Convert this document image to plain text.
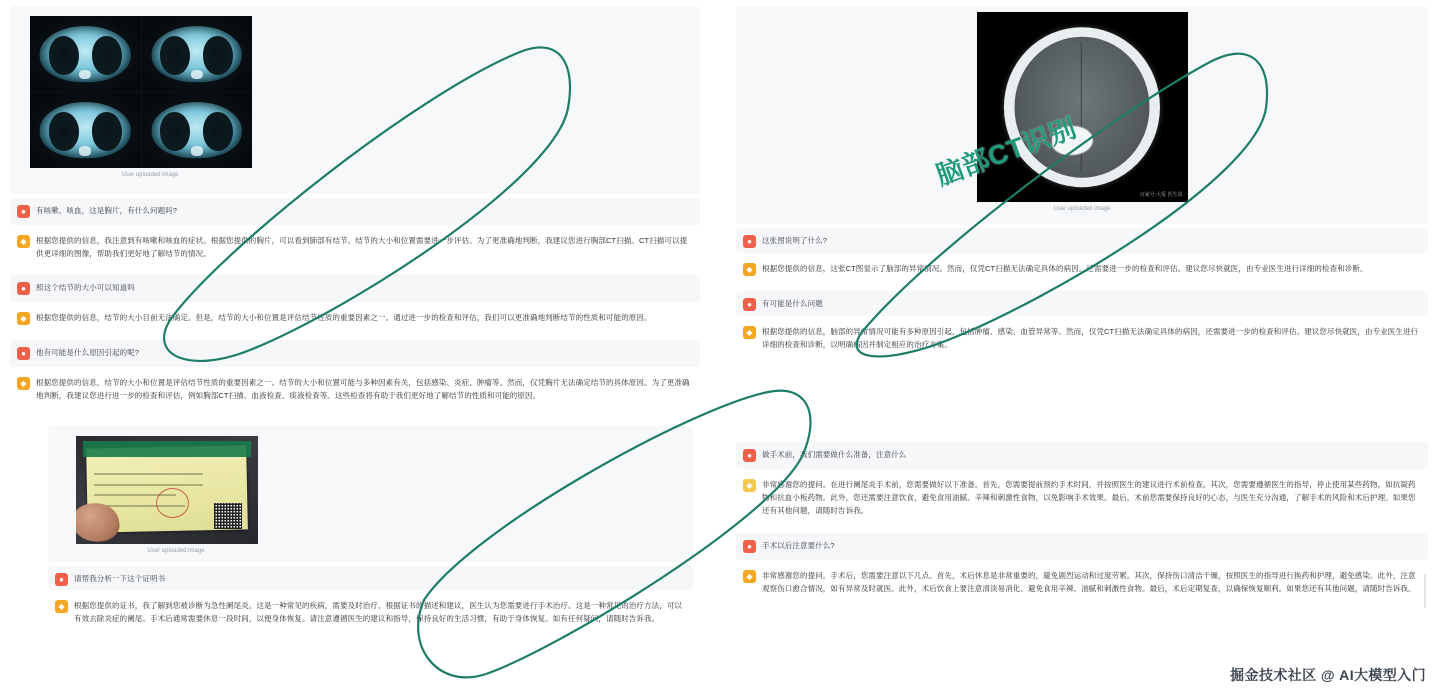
User uploaded image
●	有咳嗽、咳血，这是胸片，有什么问题吗?
◆	根据您提供的信息，我注意到有咳嗽和咳血的症状。根据您提供的胸片，可以看到肺部有结节。结节的大小和位置需要进一步评估。为了更准确地判断，我建议您进行胸部CT扫描。CT扫描可以提供更详细的图像，帮助我们更好地了解结节的情况。
●	照这个结节的大小可以知道吗
◆	根据您提供的信息，结节的大小目前无法确定。但是，结节的大小和位置是评估结节性质的重要因素之一。通过进一步的检查和评估，我们可以更准确地判断结节的性质和可能的原因。
●	他有可能是什么原因引起的呢?
◆	根据您提供的信息，结节的大小和位置是评估结节性质的重要因素之一。结节的大小和位置可能与多种因素有关，包括感染、炎症、肿瘤等。然而，仅凭胸片无法确定结节的具体原因。为了更准确地判断，我建议您进行进一步的检查和评估，例如胸部CT扫描、血液检查、痰液检查等。这些检查将有助于我们更好地了解结节的性质和可能的原因。
User uploaded image
●	请帮我分析一下这个证明书
◆	根据您提供的证书，我了解到您被诊断为急性阑尾炎。这是一种常见的疾病，需要及时治疗。根据证书的描述和建议，医生认为您需要进行手术治疗。这是一种常见的治疗方法，可以有效去除炎症的阑尾。手术后通常需要休息一段时间，以便身体恢复。请注意遵循医生的建议和指导，保持良好的生活习惯，有助于身体恢复。如有任何疑问，请随时告诉我。
百家号:大爱 医生说
User uploaded image
●	这张图说明了什么?
◆	根据您提供的信息，这张CT图显示了脑部的异常情况。然而，仅凭CT扫描无法确定具体的病因。还需要进一步的检查和评估。建议您尽快就医，由专业医生进行详细的检查和诊断。
●	有可能是什么问题
◆	根据您提供的信息，脑部的异常情况可能有多种原因引起，包括肿瘤、感染、血管异常等。然而，仅凭CT扫描无法确定具体的病因，还需要进一步的检查和评估。建议您尽快就医，由专业医生进行详细的检查和诊断，以明确病因并制定相应的治疗方案。
●	做手术前，我们需要做什么准备，注意什么
◆	非常感谢您的提问。在进行阑尾炎手术前，您需要做好以下准备。首先，您需要提前预约手术时间，并按照医生的建议进行术前检查。其次，您需要遵循医生的指导，停止使用某些药物，如抗凝药物和抗血小板药物。此外，您还需要注意饮食，避免食用油腻、辛辣和刺激性食物，以免影响手术效果。最后，术前您需要保持良好的心态，与医生充分沟通，了解手术的风险和术后护理。如果您还有其他问题，请随时告诉我。
●	手术以后注意要什么?
◆	非常感谢您的提问。手术后，您需要注意以下几点。首先，术后休息是非常重要的，避免剧烈运动和过度劳累。其次，保持伤口清洁干燥，按照医生的指导进行换药和护理，避免感染。此外，注意观察伤口愈合情况，如有异常及时就医。此外，术后饮食上要注意清淡易消化、避免食用辛辣、油腻和刺激性食物。最后，术后定期复查，以确保恢复顺利。如果您还有其他问题，请随时告诉我。
脑部CT识别
掘金技术社区 @ AI大模型入门
